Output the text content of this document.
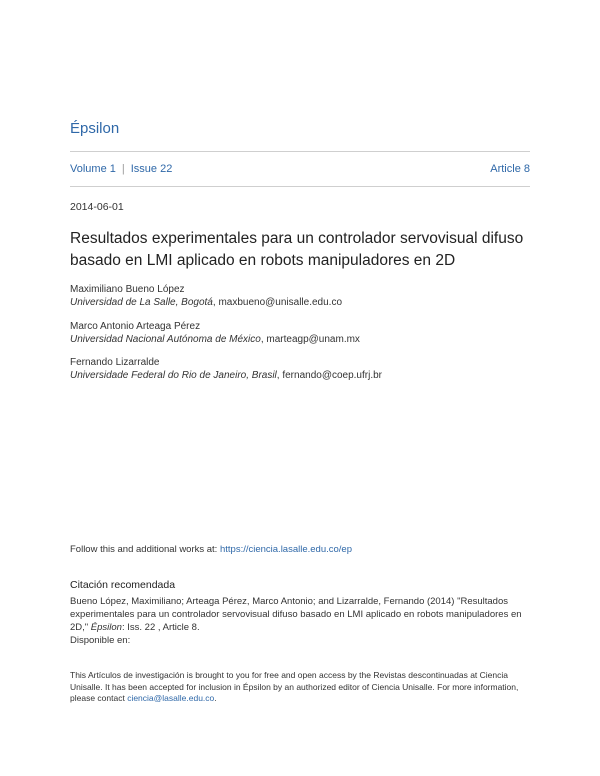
Épsilon
Volume 1 | Issue 22	Article 8
2014-06-01
Resultados experimentales para un controlador servovisual difuso basado en LMI aplicado en robots manipuladores en 2D
Maximiliano Bueno López
Universidad de La Salle, Bogotá, maxbueno@unisalle.edu.co
Marco Antonio Arteaga Pérez
Universidad Nacional Autónoma de México, marteagp@unam.mx
Fernando Lizarralde
Universidade Federal do Rio de Janeiro, Brasil, fernando@coep.ufrj.br
Follow this and additional works at: https://ciencia.lasalle.edu.co/ep
Citación recomendada
Bueno López, Maximiliano; Arteaga Pérez, Marco Antonio; and Lizarralde, Fernando (2014) "Resultados experimentales para un controlador servovisual difuso basado en LMI aplicado en robots manipuladores en 2D," Épsilon: Iss. 22 , Article 8.
Disponible en:
This Artículos de investigación is brought to you for free and open access by the Revistas descontinuadas at Ciencia Unisalle. It has been accepted for inclusion in Épsilon by an authorized editor of Ciencia Unisalle. For more information, please contact ciencia@lasalle.edu.co.
